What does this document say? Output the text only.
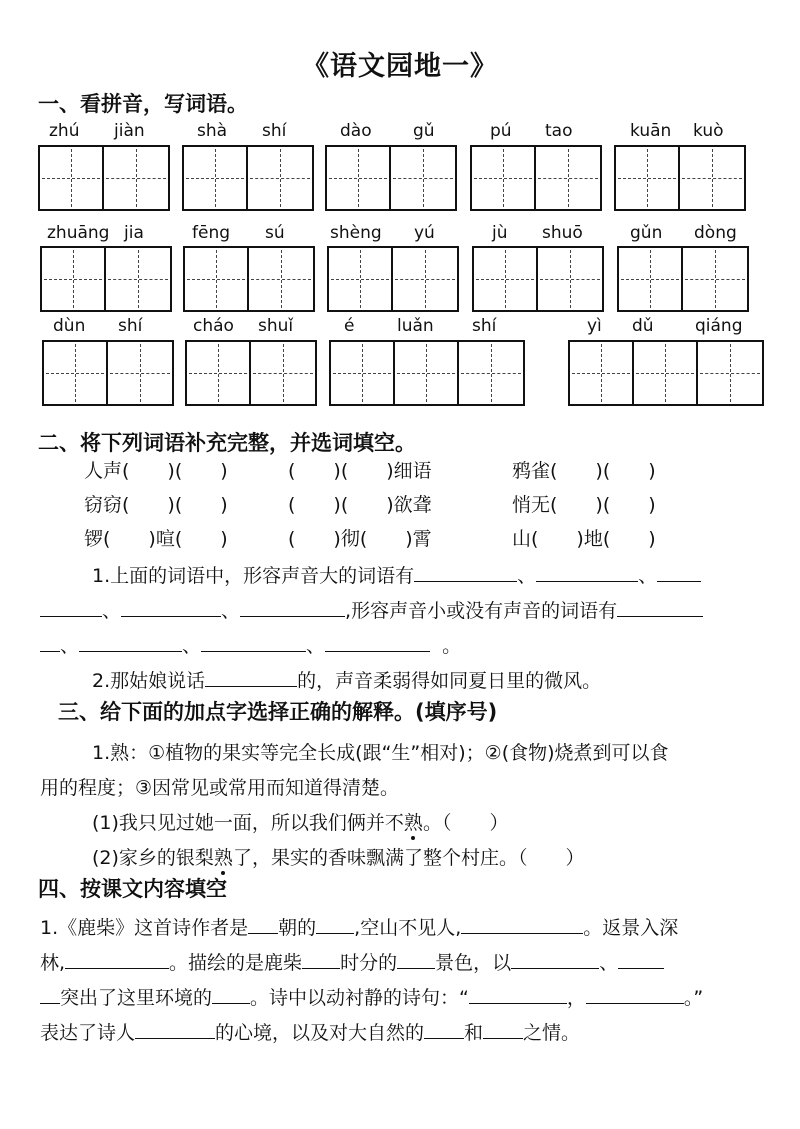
《语文园地一》
一、看拼音，写词语。
zhú jiàn	shà shí	dào gǔ	pú tao	kuān kuò
zhuāng jia	fēng sú	shèng yú	jù shuō	gǔn dòng
dùn shí	cháo shuǐ	é	luǎn shí	yì dǔ qiáng
二、将下列词语补充完整，并选词填空。
人声(　　)(　　)	(　　)(　　)细语	鸦雀(　　)(　　)
窃窃(　　)(　　)	(　　)(　　)欲聋	悄无(　　)(　　)
锣(　　)喧(　　)	(　　)彻(　　)霄	山(　　)地(　　)
1.上面的词语中，形容声音大的词语有	、	、
、	、	,形容声音小或没有声音的词语有
、	、	、	。
2.那姑娘说话	的，声音柔弱得如同夏日里的微风。
三、给下面的加点字选择正确的解释。(填序号)
1.熟：①植物的果实等完全长成(跟“生”相对)；②(食物)烧煮到可以食
用的程度；③因常见或常用而知道得清楚。
(1)我只见过她一面，所以我们俩并不熟。（　　）
(2)家乡的银梨熟了，果实的香味飘满了整个村庄。（　　）
四、按课文内容填空
1.《鹿柴》这首诗作者是 朝的 ,空山不见人,	。返景入深
林,	。描绘的是鹿柴 时分的 景色，以	、
突出了这里环境的 。诗中以动衬静的诗句：“	，	。”
表达了诗人	的心境，以及对大自然的 和 之情。
